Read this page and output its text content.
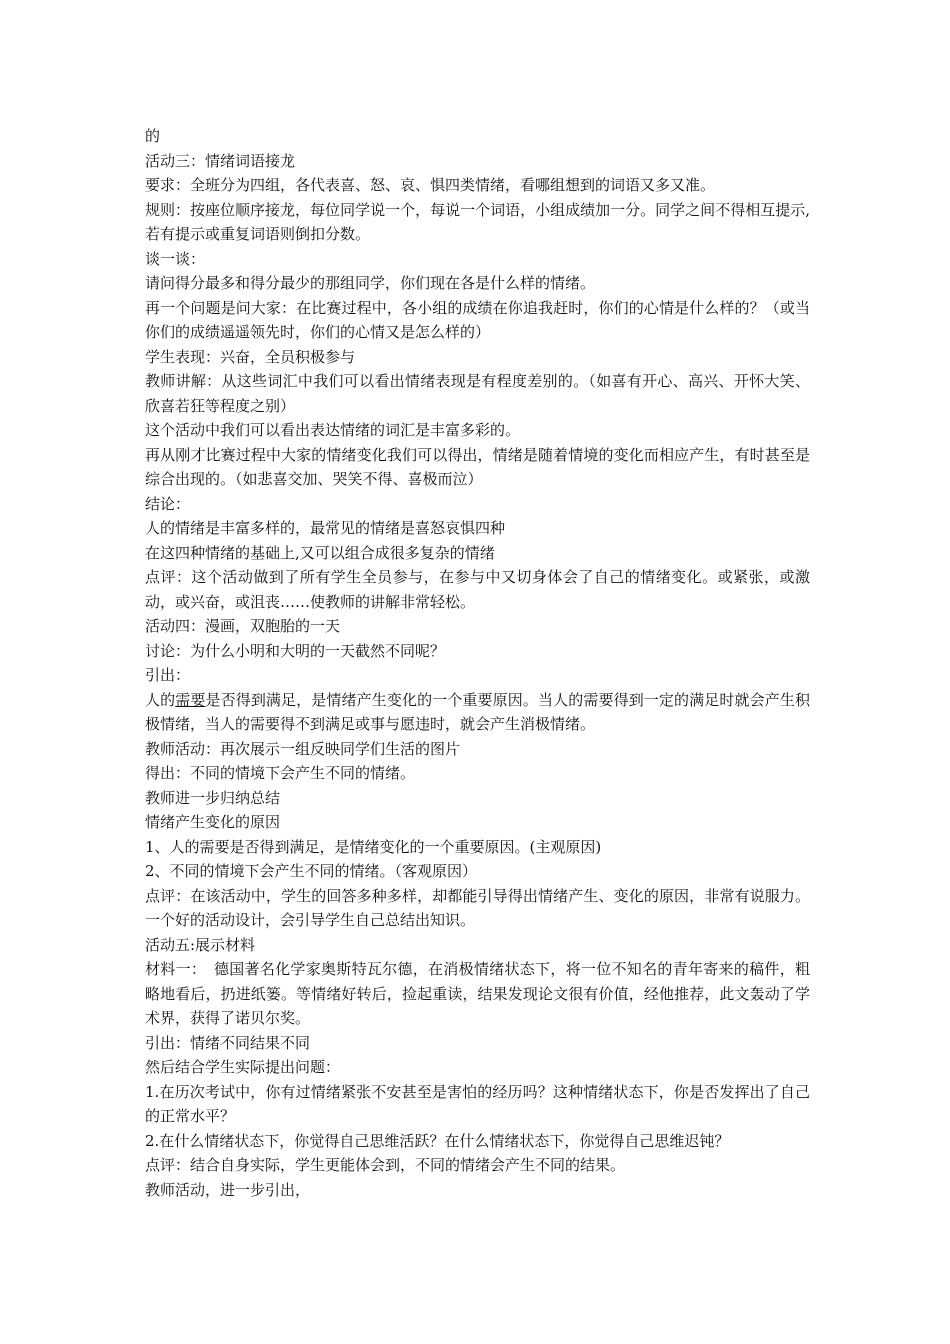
的

活动三：情绪词语接龙

要求：全班分为四组，各代表喜、怒、哀、惧四类情绪，看哪组想到的词语又多又准。

规则：按座位顺序接龙，每位同学说一个，每说一个词语，小组成绩加一分。同学之间不得相互提示,若有提示或重复词语则倒扣分数。

谈一谈：

请问得分最多和得分最少的那组同学，你们现在各是什么样的情绪。

再一个问题是问大家：在比赛过程中，各小组的成绩在你追我赶时，你们的心情是什么样的？（或当你们的成绩遥遥领先时，你们的心情又是怎么样的）

学生表现：兴奋，全员积极参与

教师讲解：从这些词汇中我们可以看出情绪表现是有程度差别的。（如喜有开心、高兴、开怀大笑、欣喜若狂等程度之别）

这个活动中我们可以看出表达情绪的词汇是丰富多彩的。

再从刚才比赛过程中大家的情绪变化我们可以得出，情绪是随着情境的变化而相应产生，有时甚至是综合出现的。（如悲喜交加、哭笑不得、喜极而泣）

结论：

人的情绪是丰富多样的，最常见的情绪是喜怒哀惧四种

在这四种情绪的基础上,又可以组合成很多复杂的情绪

点评：这个活动做到了所有学生全员参与，在参与中又切身体会了自己的情绪变化。或紧张，或激动，或兴奋，或沮丧……使教师的讲解非常轻松。

活动四：漫画，双胞胎的一天

讨论：为什么小明和大明的一天截然不同呢？

引出：

人的需要是否得到满足，是情绪产生变化的一个重要原因。当人的需要得到一定的满足时就会产生积极情绪，当人的需要得不到满足或事与愿违时，就会产生消极情绪。

教师活动：再次展示一组反映同学们生活的图片

得出：不同的情境下会产生不同的情绪。

教师进一步归纳总结

情绪产生变化的原因

1、人的需要是否得到满足，是情绪变化的一个重要原因。(主观原因)

2、不同的情境下会产生不同的情绪。（客观原因）

点评：在该活动中，学生的回答多种多样，却都能引导得出情绪产生、变化的原因，非常有说服力。一个好的活动设计，会引导学生自己总结出知识。

活动五:展示材料

材料一：　德国著名化学家奥斯特瓦尔德，在消极情绪状态下，将一位不知名的青年寄来的稿件，粗略地看后，扔进纸篓。等情绪好转后，捡起重读，结果发现论文很有价值，经他推荐，此文轰动了学术界，获得了诺贝尔奖。

引出：情绪不同结果不同

然后结合学生实际提出问题：

1.在历次考试中，你有过情绪紧张不安甚至是害怕的经历吗？这种情绪状态下，你是否发挥出了自己的正常水平？

2.在什么情绪状态下，你觉得自己思维活跃？在什么情绪状态下，你觉得自己思维迟钝？

点评：结合自身实际，学生更能体会到，不同的情绪会产生不同的结果。

教师活动，进一步引出，
